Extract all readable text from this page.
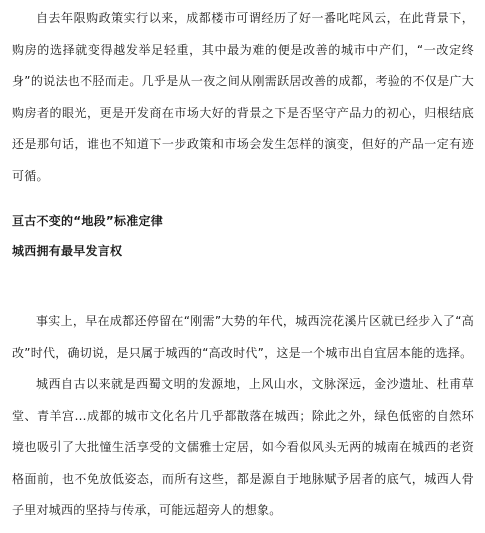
自去年限购政策实行以来，成都楼市可谓经历了好一番叱咤风云，在此背景下，购房的选择就变得越发举足轻重，其中最为难的便是改善的城市中产们，“一改定终身”的说法也不胫而走。几乎是从一夜之间从刚需跃居改善的成都，考验的不仅是广大购房者的眼光，更是开发商在市场大好的背景之下是否坚守产品力的初心，归根结底还是那句话，谁也不知道下一步政策和市场会发生怎样的演变，但好的产品一定有迹可循。

亘古不变的“地段”标准定律
城西拥有最早发言权

事实上，早在成都还停留在“刚需”大势的年代，城西浣花溪片区就已经步入了“高改”时代，确切说，是只属于城西的“高改时代”，这是一个城市出自宜居本能的选择。

城西自古以来就是西蜀文明的发源地，上风山水，文脉深远，金沙遗址、杜甫草堂、青羊宫…成都的城市文化名片几乎都散落在城西；除此之外，绿色低密的自然环境也吸引了大批憧生活享受的文儒雅士定居，如今看似风头无两的城南在城西的老资格面前，也不免放低姿态，而所有这些，都是源自于地脉赋予居者的底气，城西人骨子里对城西的坚持与传承，可能远超旁人的想象。
